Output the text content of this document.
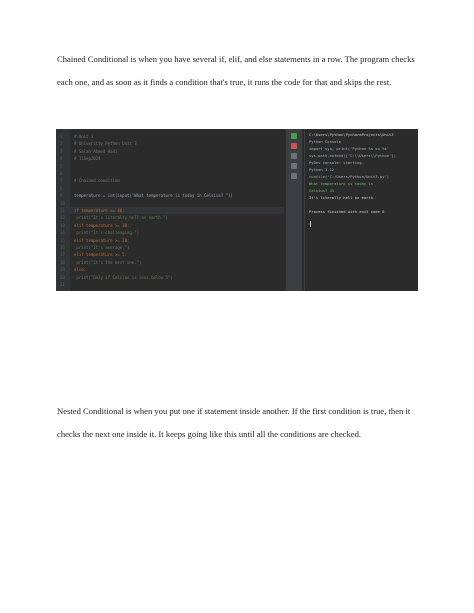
Chained Conditional is when you have several if, elif, and else statements in a row. The program checks each one, and as soon as it finds a condition that's true, it runs the code for that and skips the rest.

1	# Unit 3
2	# University Python Unit 3
3	# Salah Ahmed Hadi
4	# 11Sep2024
5
6
7	# Chained condition
8
9	temperature = int(input("What temperature is today in Celsius? "))
10
11 if temperature >= 40:
12 print("It's literally hell on earth.")
13 elif temperature >= 30:
14 print("It's challenging.")
15 elif temperature >= 20:
16 print("It's average.")
17 elif temperature >= 5:
18 print("It's the best one.")
19 else:
20 print("Only if Celsius is less below 5")
21
C:\Users\Python\PycharmProjects\Unit3
Python Console
import sys; print('Python %s on %s'
sys.path.extend(['C:\\Users\\Python'])
PyDev console: starting.
Python 3.12
runfile('C:/Users/Python/Unit3.py')
What temperature is today in
Celsius? 45
It's literally hell on earth.
Process finished with exit code 0

Nested Conditional is when you put one if statement inside another. If the first condition is true, then it checks the next one inside it. It keeps going like this until all the conditions are checked.
